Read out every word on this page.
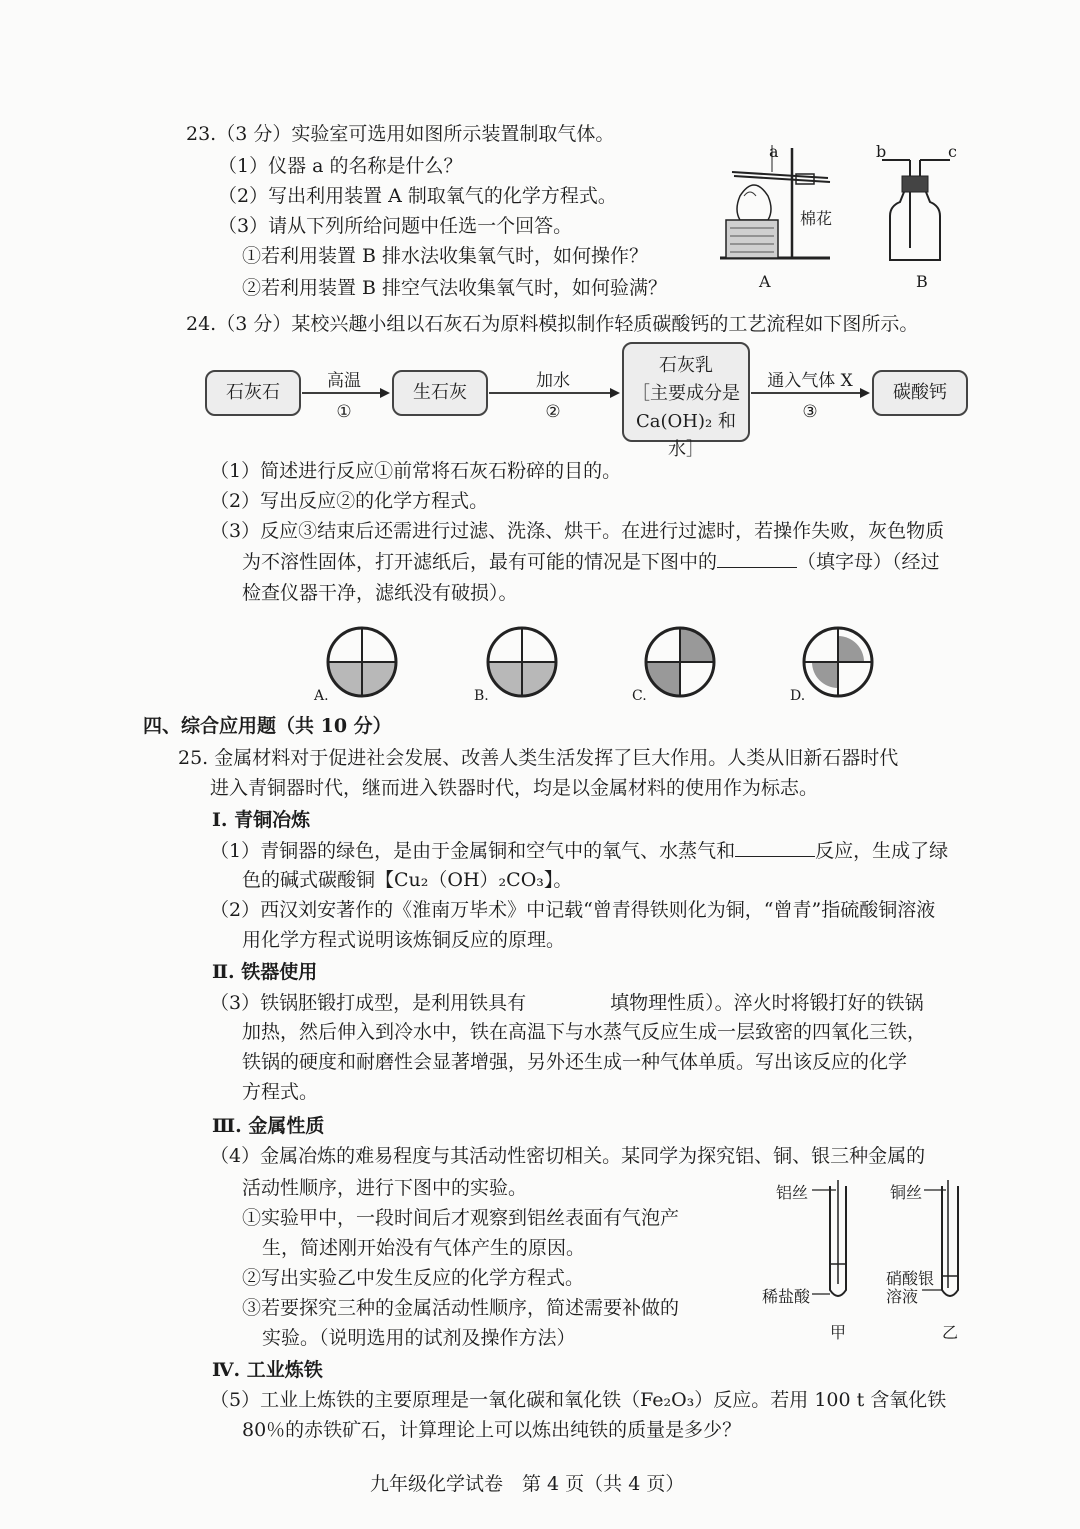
23.（3 分）实验室可选用如图所示装置制取气体。
（1）仪器 a 的名称是什么？
（2）写出利用装置 A 制取氧气的化学方程式。
（3）请从下列所给问题中任选一个回答。
①若利用装置 B 排水法收集氧气时，如何操作？
②若利用装置 B 排空气法收集氧气时，如何验满？
a
棉花
A
b	c
B
24.（3 分）某校兴趣小组以石灰石为原料模拟制作轻质碳酸钙的工艺流程如下图所示。
石灰石	生石灰
石灰乳
［主要成分是
Ca(OH)₂ 和水］
碳酸钙
高温
①
加水
②
通入气体 X
③
（1）简述进行反应①前常将石灰石粉碎的目的。
（2）写出反应②的化学方程式。
（3）反应③结束后还需进行过滤、洗涤、烘干。在进行过滤时，若操作失败，灰色物质
为不溶性固体，打开滤纸后，最有可能的情况是下图中的	（填字母）（经过
检查仪器干净，滤纸没有破损）。
A.	B.	C.	D.
四、综合应用题（共 10 分）
25. 金属材料对于促进社会发展、改善人类生活发挥了巨大作用。人类从旧新石器时代
进入青铜器时代，继而进入铁器时代，均是以金属材料的使用作为标志。
Ⅰ. 青铜冶炼
（1）青铜器的绿色，是由于金属铜和空气中的氧气、水蒸气和	反应，生成了绿
色的碱式碳酸铜【Cu₂（OH）₂CO₃】。
（2）西汉刘安著作的《淮南万毕术》中记载“曾青得铁则化为铜，“曾青”指硫酸铜溶液
用化学方程式说明该炼铜反应的原理。
Ⅱ. 铁器使用
（3）铁锅胚锻打成型，是利用铁具有	填物理性质）。淬火时将锻打好的铁锅
加热，然后伸入到冷水中，铁在高温下与水蒸气反应生成一层致密的四氧化三铁，
铁锅的硬度和耐磨性会显著增强，另外还生成一种气体单质。写出该反应的化学
方程式。
Ⅲ. 金属性质
（4）金属冶炼的难易程度与其活动性密切相关。某同学为探究铝、铜、银三种金属的
活动性顺序，进行下图中的实验。
①实验甲中，一段时间后才观察到铝丝表面有气泡产
生，简述刚开始没有气体产生的原因。
②写出实验乙中发生反应的化学方程式。
③若要探究三种的金属活动性顺序，简述需要补做的
实验。（说明选用的试剂及操作方法）
铝丝
稀盐酸
甲
铜丝
硝酸银
溶液
乙
Ⅳ. 工业炼铁
（5）工业上炼铁的主要原理是一氧化碳和氧化铁（Fe₂O₃）反应。若用 100 t 含氧化铁
80％的赤铁矿石，计算理论上可以炼出纯铁的质量是多少？
九年级化学试卷　第 4 页（共 4 页）
